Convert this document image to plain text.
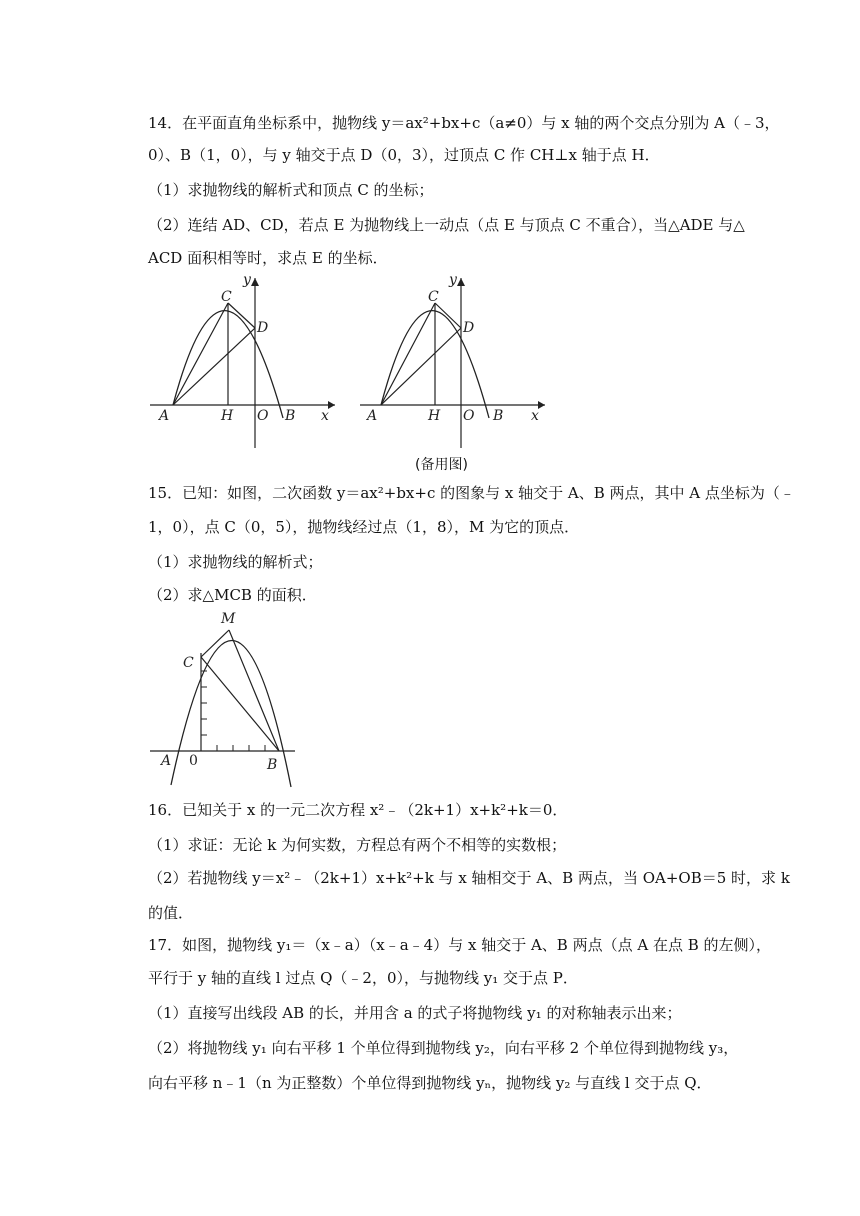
14．在平面直角坐标系中，抛物线 y＝ax²+bx+c（a≠0）与 x 轴的两个交点分别为 A（﹣3，
0）、B（1，0），与 y 轴交于点 D（0，3），过顶点 C 作 CH⊥x 轴于点 H．
（1）求抛物线的解析式和顶点 C 的坐标；
（2）连结 AD、CD，若点 E 为抛物线上一动点（点 E 与顶点 C 不重合），当△ADE 与△
ACD 面积相等时，求点 E 的坐标．
y
x
A	B
C
D
H O
y
x
A	B
C
D
H O
(备用图)
15．已知：如图，二次函数 y＝ax²+bx+c 的图象与 x 轴交于 A、B 两点，其中 A 点坐标为（﹣
1，0），点 C（0，5），抛物线经过点（1，8），M 为它的顶点．
（1）求抛物线的解析式；
（2）求△MCB 的面积．
M
C
A	B
0
16．已知关于 x 的一元二次方程 x²﹣（2k+1）x+k²+k＝0．
（1）求证：无论 k 为何实数，方程总有两个不相等的实数根；
（2）若抛物线 y＝x²﹣（2k+1）x+k²+k 与 x 轴相交于 A、B 两点，当 OA+OB＝5 时，求 k
的值．
17．如图，抛物线 y₁＝（x﹣a）（x﹣a﹣4）与 x 轴交于 A、B 两点（点 A 在点 B 的左侧），
平行于 y 轴的直线 l 过点 Q（﹣2，0），与抛物线 y₁ 交于点 P．
（1）直接写出线段 AB 的长，并用含 a 的式子将抛物线 y₁ 的对称轴表示出来；
（2）将抛物线 y₁ 向右平移 1 个单位得到抛物线 y₂，向右平移 2 个单位得到抛物线 y₃，
向右平移 n﹣1（n 为正整数）个单位得到抛物线 yₙ，抛物线 y₂ 与直线 l 交于点 Q．
